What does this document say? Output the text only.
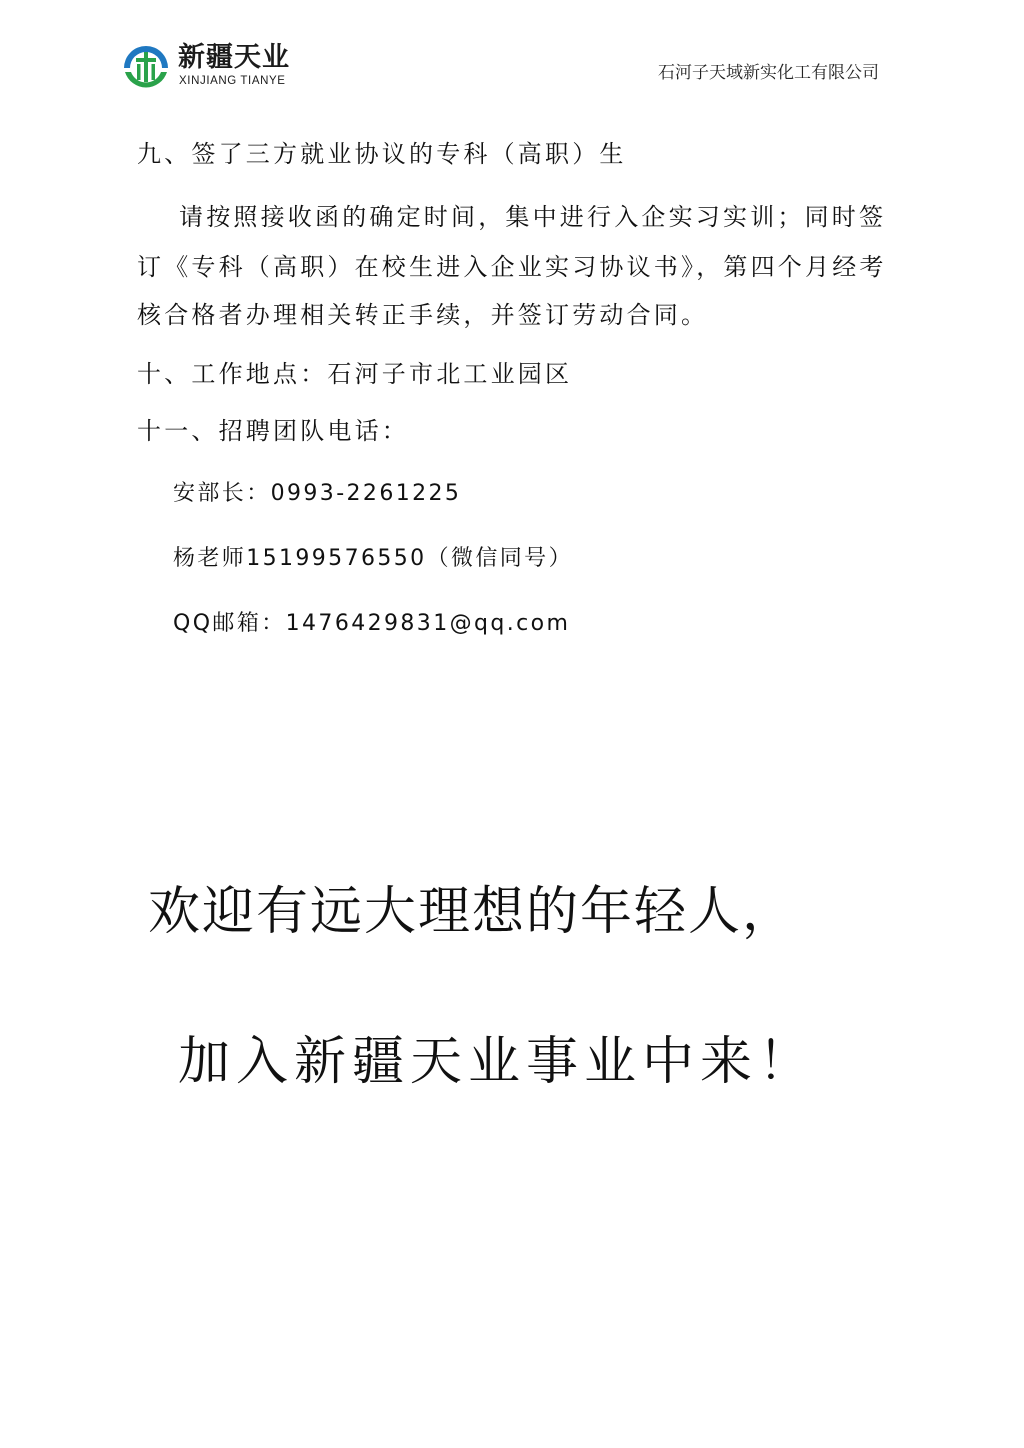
新疆天业
XINJIANG TIANYE	石河子天域新实化工有限公司
九、签了三方就业协议的专科（高职）生
请按照接收函的确定时间，集中进行入企实习实训；同时签
订《专科（高职）在校生进入企业实习协议书》，第四个月经考
核合格者办理相关转正手续，并签订劳动合同。
十、工作地点：石河子市北工业园区
十一、招聘团队电话：
安部长：0993-2261225
杨老师15199576550（微信同号）
QQ邮箱：1476429831@qq.com
欢迎有远大理想的年轻人，
加入新疆天业事业中来！
